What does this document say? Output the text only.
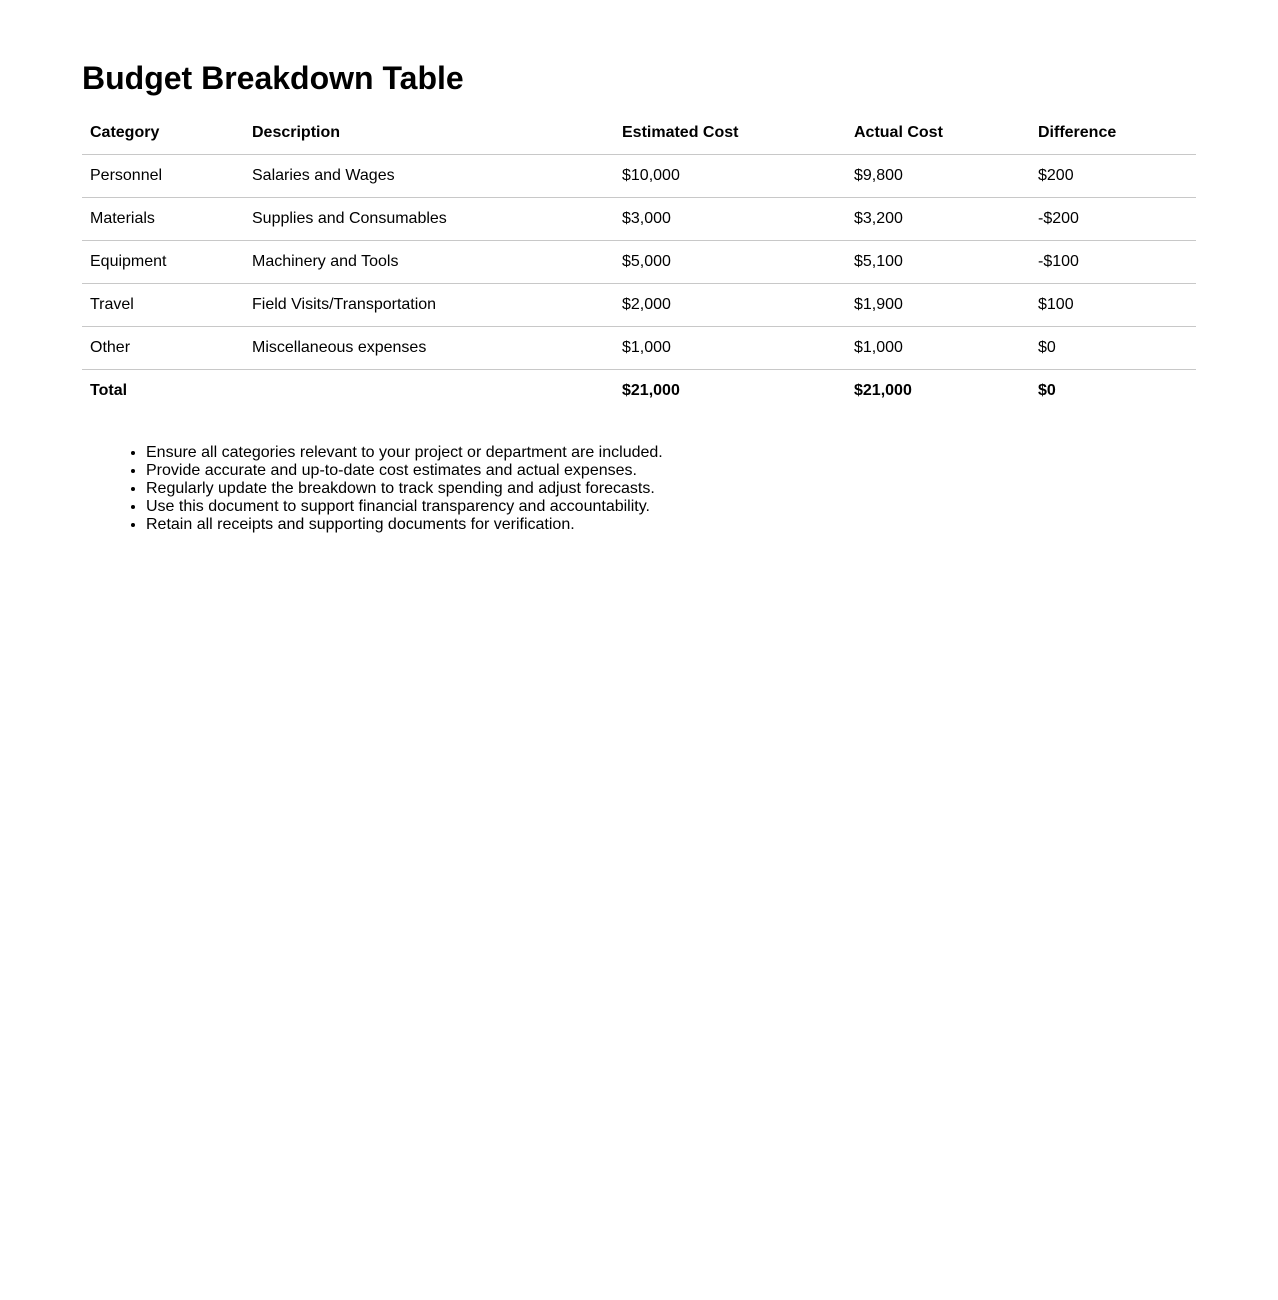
Budget Breakdown Table
Category	Description	Estimated Cost	Actual Cost	Difference
Personnel	Salaries and Wages	$10,000	$9,800	$200
Materials	Supplies and Consumables	$3,000	$3,200	-$200
Equipment	Machinery and Tools	$5,000	$5,100	-$100
Travel	Field Visits/Transportation	$2,000	$1,900	$100
Other	Miscellaneous expenses	$1,000	$1,000	$0
Total		$21,000	$21,000	$0
• Ensure all categories relevant to your project or department are included.
• Provide accurate and up-to-date cost estimates and actual expenses.
• Regularly update the breakdown to track spending and adjust forecasts.
• Use this document to support financial transparency and accountability.
• Retain all receipts and supporting documents for verification.
